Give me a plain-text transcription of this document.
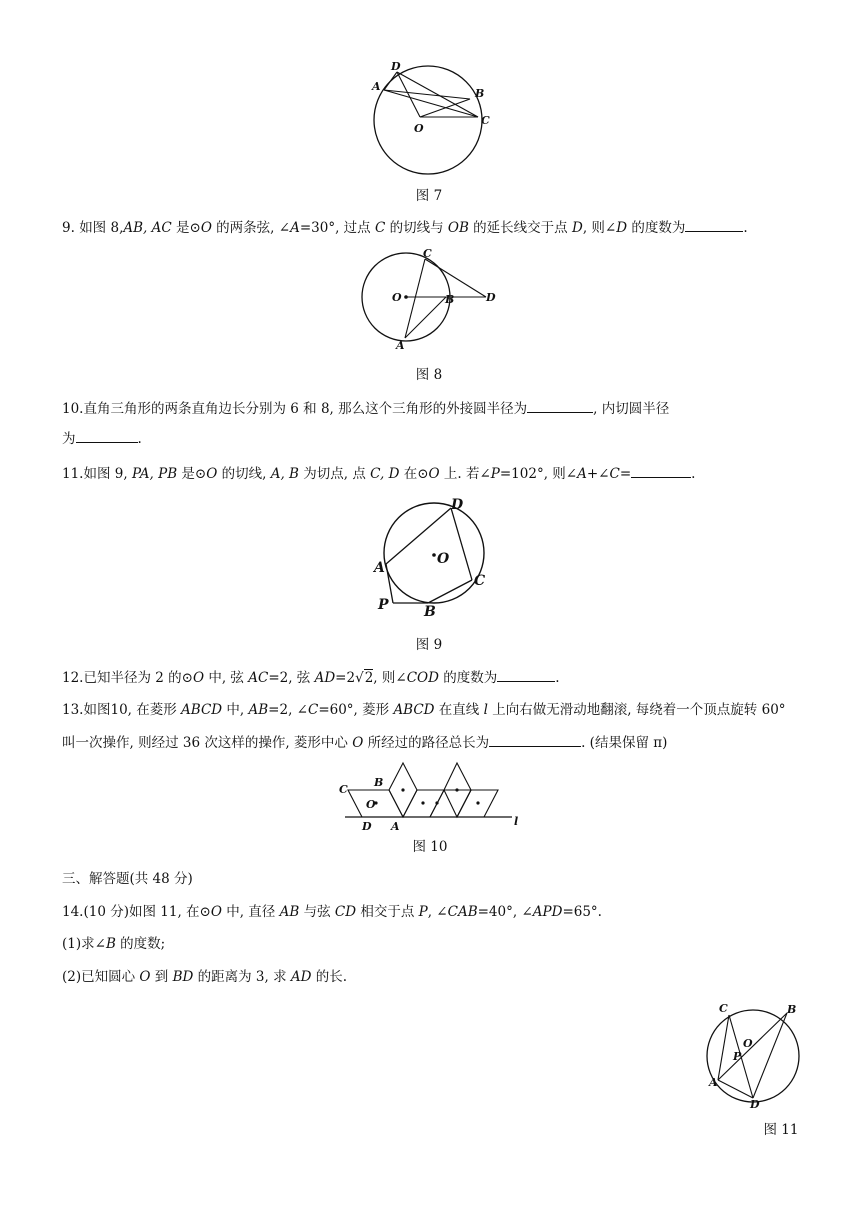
D
A
B
O
C
图 7
9. 如图 8,AB, AC 是⊙O 的两条弦, ∠A=30°, 过点 C 的切线与 OB 的延长线交于点 D, 则∠D 的度数为	.
C
O	B	D
A
图 8
10.直角三角形的两条直角边长分别为 6 和 8, 那么这个三角形的外接圆半径为	, 内切圆半径
为	.
11.如图 9, PA, PB 是⊙O 的切线, A, B 为切点, 点 C, D 在⊙O 上. 若∠P=102°, 则∠A+∠C=	.
D
O
A
C
P	B
图 9
12.已知半径为 2 的⊙O 中, 弦 AC=2, 弦 AD=2√2, 则∠COD 的度数为	.
13.如图10, 在菱形 ABCD 中, AB=2, ∠C=60°, 菱形 ABCD 在直线 l 上向右做无滑动地翻滚, 每绕着一个顶点旋转 60°
叫一次操作, 则经过 36 次这样的操作, 菱形中心 O 所经过的路径总长为	. (结果保留 π)
C
B
O
D A	l
图 10
三、解答题(共 48 分)
14.(10 分)如图 11, 在⊙O 中, 直径 AB 与弦 CD 相交于点 P, ∠CAB=40°, ∠APD=65°.
(1)求∠B 的度数;
(2)已知圆心 O 到 BD 的距离为 3, 求 AD 的长.
C	B
O
P
A
D
图 11
